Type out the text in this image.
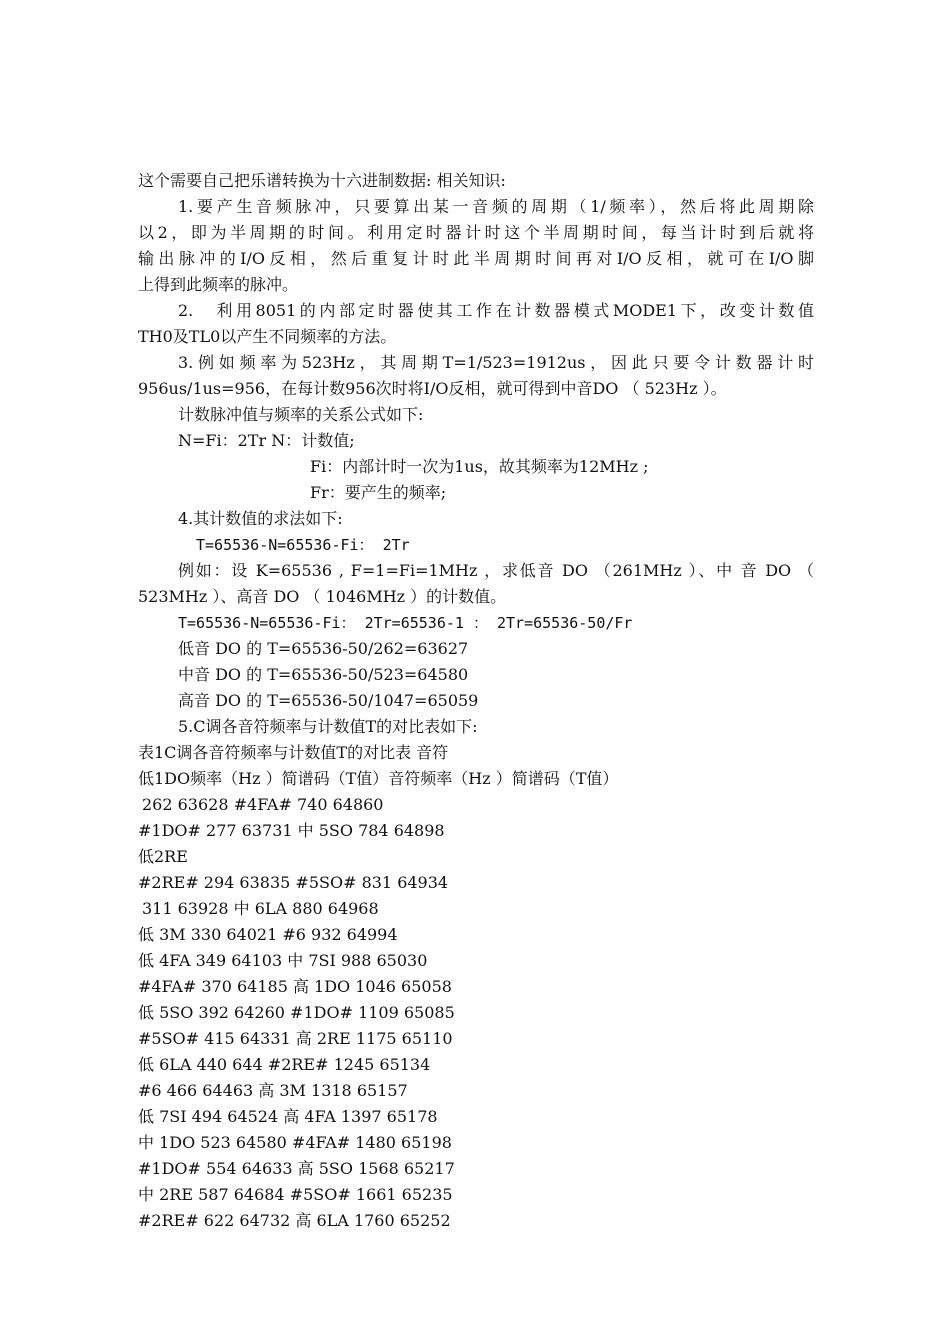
这个需要自己把乐谱转换为十六进制数据: 相关知识:
1.要产生音频脉冲，只要算出某一音频的周期（1/频率），然后将此周期除
以2，即为半周期的时间。利用定时器计时这个半周期时间，每当计时到后就将
输出脉冲的I/O反相，然后重复计时此半周期时间再对I/O反相，就可在I/O脚
上得到此频率的脉冲。
2.　利用8051的内部定时器使其工作在计数器模式MODE1下，改变计数值
TH0及TL0以产生不同频率的方法。
3.例如频率为523Hz，其周期T=1/523=1912us，因此只要令计数器计时
956us/1us=956，在每计数956次时将I/O反相，就可得到中音DO （ 523Hz ）。
计数脉冲值与频率的关系公式如下:
N=Fi：2Tr N：计数值;
Fi：内部计时一次为1us，故其频率为12MHz ;
Fr：要产生的频率;
4.其计数值的求法如下:
T=65536-N=65536-Fi： 2Tr
例如：设 K=65536 , F=1=Fi=1MHz ，求低音 DO （261MHz ）、中 音 DO （
523MHz ）、高音 DO （ 1046MHz ）的计数值。
T=65536-N=65536-Fi： 2Tr=65536-1 ： 2Tr=65536-50/Fr
低音 DO 的 T=65536-50/262=63627
中音 DO 的 T=65536-50/523=64580
高音 DO 的 T=65536-50/1047=65059
5.C调各音符频率与计数值T的对比表如下:
表1C调各音符频率与计数值T的对比表 音符
低1DO频率（Hz ）简谱码（T值）音符频率（Hz ）简谱码（T值）
262 63628 #4FA# 740 64860
#1DO# 277 63731 中 5SO 784 64898
低2RE
#2RE# 294 63835 #5SO# 831 64934
311 63928 中 6LA 880 64968
低 3M 330 64021 #6 932 64994
低 4FA 349 64103 中 7SI 988 65030
#4FA# 370 64185 高 1DO 1046 65058
低 5SO 392 64260 #1DO# 1109 65085
#5SO# 415 64331 高 2RE 1175 65110
低 6LA 440 644 #2RE# 1245 65134
#6 466 64463 高 3M 1318 65157
低 7SI 494 64524 高 4FA 1397 65178
中 1DO 523 64580 #4FA# 1480 65198
#1DO# 554 64633 高 5SO 1568 65217
中 2RE 587 64684 #5SO# 1661 65235
#2RE# 622 64732 高 6LA 1760 65252
